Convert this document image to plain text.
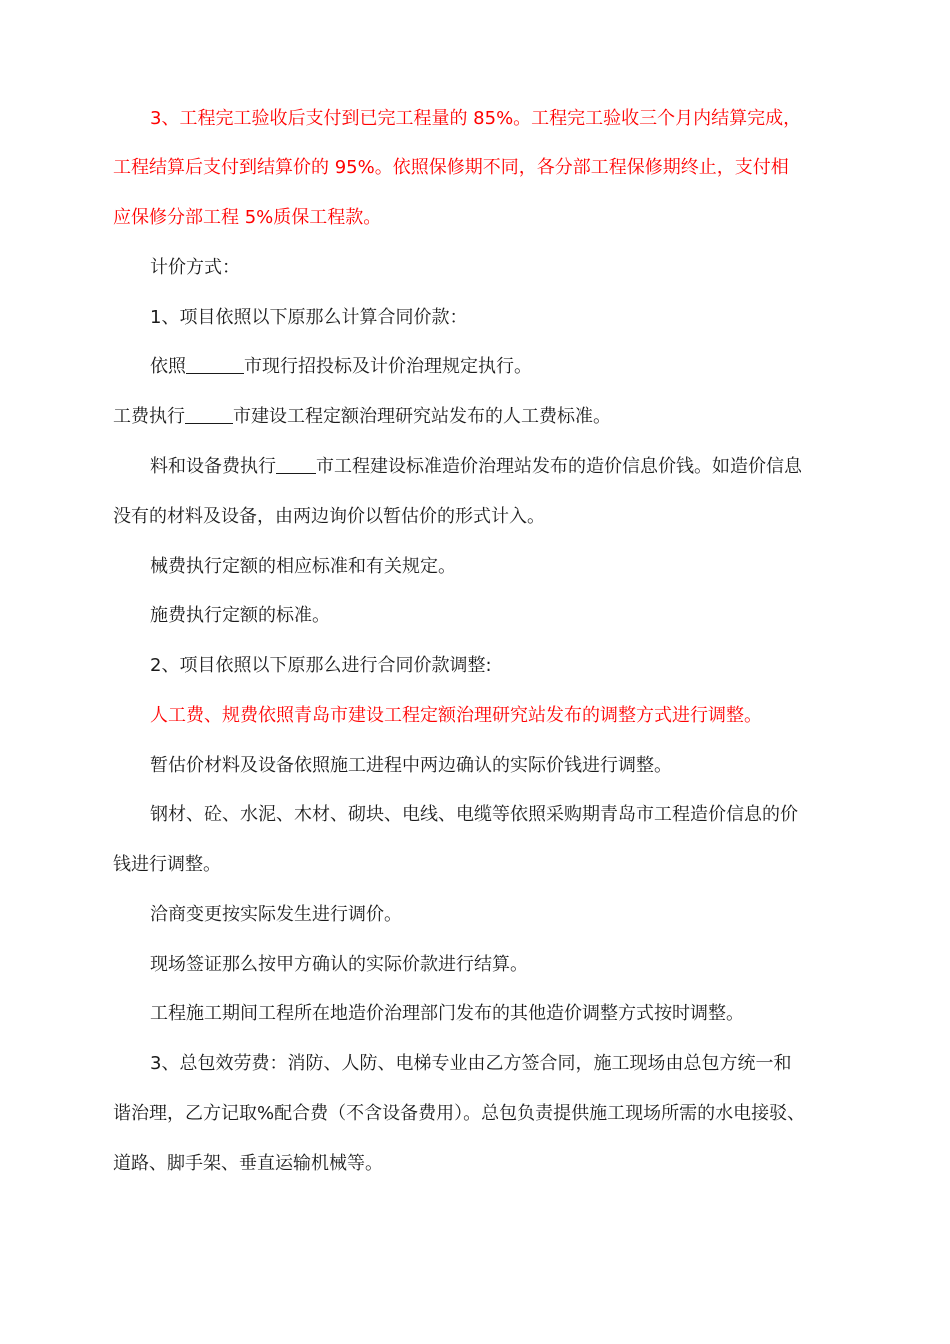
3、工程完工验收后支付到已完工程量的 85%。工程完工验收三个月内结算完成，
工程结算后支付到结算价的 95%。依照保修期不同，各分部工程保修期终止，支付相
应保修分部工程 5%质保工程款。
计价方式：
1、项目依照以下原那么计算合同价款：
依照	市现行招投标及计价治理规定执行。
工费执行	市建设工程定额治理研究站发布的人工费标准。
料和设备费执行 市工程建设标准造价治理站发布的造价信息价钱。如造价信息
没有的材料及设备，由两边询价以暂估价的形式计入。
械费执行定额的相应标准和有关规定。
施费执行定额的标准。
2、项目依照以下原那么进行合同价款调整:
人工费、规费依照青岛市建设工程定额治理研究站发布的调整方式进行调整。
暂估价材料及设备依照施工进程中两边确认的实际价钱进行调整。
钢材、砼、水泥、木材、砌块、电线、电缆等依照采购期青岛市工程造价信息的价
钱进行调整。
洽商变更按实际发生进行调价。
现场签证那么按甲方确认的实际价款进行结算。
工程施工期间工程所在地造价治理部门发布的其他造价调整方式按时调整。
3、总包效劳费：消防、人防、电梯专业由乙方签合同，施工现场由总包方统一和
谐治理，乙方记取%配合费（不含设备费用）。总包负责提供施工现场所需的水电接驳、
道路、脚手架、垂直运输机械等。
